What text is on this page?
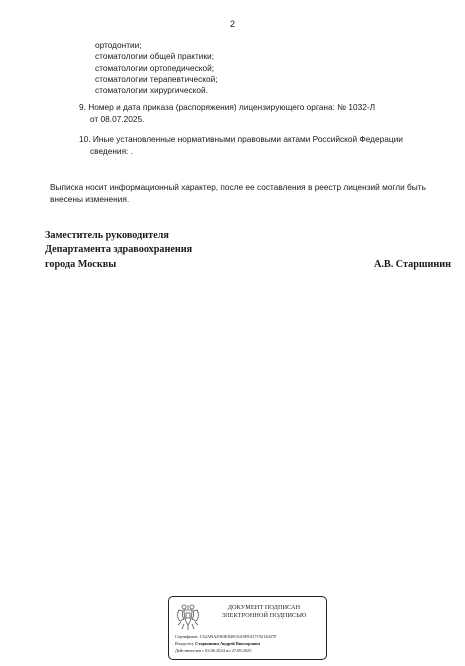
2
ортодонтии;
стоматологии общей практики;
стоматологии ортопедической;
стоматологии терапевтической;
стоматологии хирургической.
9. Номер и дата приказа (распоряжения) лицензирующего органа: № 1032-Л
от 08.07.2025.
10. Иные установленные нормативными правовыми актами Российской Федерации
сведения: .
Выписка носит информационный характер, после ее составления в реестр лицензий могли быть внесены изменения.
Заместитель руководителя
Департамента здравоохранения
города Москвы	А.В. Старшинин
ДОКУМЕНТ ПОДПИСАН
ЭЛЕКТРОННОЙ ПОДПИСЬЮ
Сертификат: C52ABA2963E840C8A5FE41719212027F
Владелец: Старшинин Андрей Викторович
Действителен с 03.06.2024 по 27.08.2025
